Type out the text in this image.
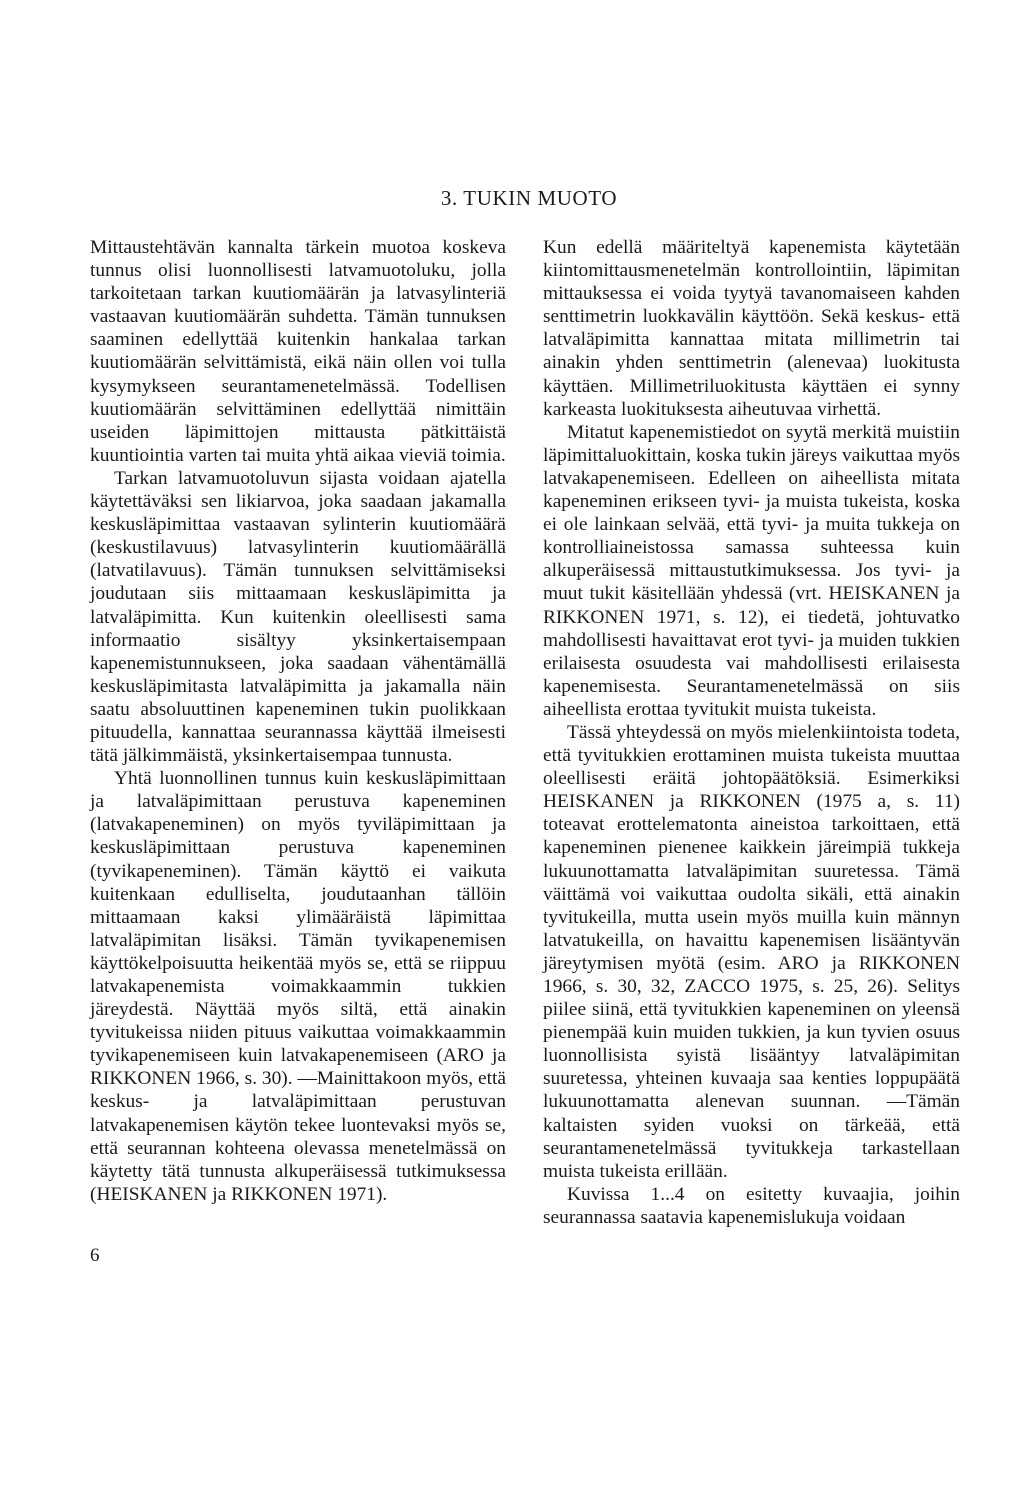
3. TUKIN MUOTO

Mittaustehtävän kannalta tärkein muotoa koskeva tunnus olisi luonnollisesti latvamuotoluku, jolla tarkoitetaan tarkan kuutiomäärän ja latvasylinteriä vastaavan kuutiomäärän suhdetta. Tämän tunnuksen saaminen edellyttää kuitenkin hankalaa tarkan kuutiomäärän selvittämistä, eikä näin ollen voi tulla kysymykseen seurantamenetelmässä. Todellisen kuutiomäärän selvittäminen edellyttää nimittäin useiden läpimittojen mittausta pätkittäistä kuuntiointia varten tai muita yhtä aikaa vieviä toimia.

Tarkan latvamuotoluvun sijasta voidaan ajatella käytettäväksi sen likiarvoa, joka saadaan jakamalla keskusläpimittaa vastaavan sylinterin kuutiomäärä (keskustilavuus) latvasylinterin kuutiomäärällä (latvatilavuus). Tämän tunnuksen selvittämiseksi joudutaan siis mittaamaan keskusläpimitta ja latvaläpimitta. Kun kuitenkin oleellisesti sama informaatio sisältyy yksinkertaisempaan kapenemistunnukseen, joka saadaan vähentämällä keskusläpimitasta latvaläpimitta ja jakamalla näin saatu absoluuttinen kapeneminen tukin puolikkaan pituudella, kannattaa seurannassa käyttää ilmeisesti tätä jälkimmäistä, yksinkertaisempaa tunnusta.

Yhtä luonnollinen tunnus kuin keskusläpimittaan ja latvaläpimittaan perustuva kapeneminen (latvakapeneminen) on myös tyviläpimittaan ja keskusläpimittaan perustuva kapeneminen (tyvikapeneminen). Tämän käyttö ei vaikuta kuitenkaan edulliselta, joudutaanhan tällöin mittaamaan kaksi ylimääräistä läpimittaa latvaläpimitan lisäksi. Tämän tyvikapenemisen käyttökelpoisuutta heikentää myös se, että se riippuu latvakapenemista voimakkaammin tukkien järeydestä. Näyttää myös siltä, että ainakin tyvitukeissa niiden pituus vaikuttaa voimakkaammin tyvikapenemiseen kuin latvakapenemiseen (ARO ja RIKKONEN 1966, s. 30). —Mainittakoon myös, että keskus- ja latvaläpimittaan perustuvan latvakapenemisen käytön tekee luontevaksi myös se, että seurannan kohteena olevassa menetelmässä on käytetty tätä tunnusta alkuperäisessä tutkimuksessa (HEISKANEN ja RIKKONEN 1971).

Kun edellä määriteltyä kapenemista käytetään kiintomittausmenetelmän kontrollointiin, läpimitan mittauksessa ei voida tyytyä tavanomaiseen kahden senttimetrin luokkavälin käyttöön. Sekä keskus- että latvaläpimitta kannattaa mitata millimetrin tai ainakin yhden senttimetrin (alenevaa) luokitusta käyttäen. Millimetriluokitusta käyttäen ei synny karkeasta luokituksesta aiheutuvaa virhettä.

Mitatut kapenemistiedot on syytä merkitä muistiin läpimittaluokittain, koska tukin järeys vaikuttaa myös latvakapenemiseen. Edelleen on aiheellista mitata kapeneminen erikseen tyvi- ja muista tukeista, koska ei ole lainkaan selvää, että tyvi- ja muita tukkeja on kontrolliaineistossa samassa suhteessa kuin alkuperäisessä mittaustutkimuksessa. Jos tyvi- ja muut tukit käsitellään yhdessä (vrt. HEISKANEN ja RIKKONEN 1971, s. 12), ei tiedetä, johtuvatko mahdollisesti havaittavat erot tyvi- ja muiden tukkien erilaisesta osuudesta vai mahdollisesti erilaisesta kapenemisesta. Seurantamenetelmässä on siis aiheellista erottaa tyvitukit muista tukeista.

Tässä yhteydessä on myös mielenkiintoista todeta, että tyvitukkien erottaminen muista tukeista muuttaa oleellisesti eräitä johtopäätöksiä. Esimerkiksi HEISKANEN ja RIKKONEN (1975 a, s. 11) toteavat erottelematonta aineistoa tarkoittaen, että kapeneminen pienenee kaikkein järeimpiä tukkeja lukuunottamatta latvaläpimitan suuretessa. Tämä väittämä voi vaikuttaa oudolta sikäli, että ainakin tyvitukeilla, mutta usein myös muilla kuin männyn latvatukeilla, on havaittu kapenemisen lisääntyvän järeytymisen myötä (esim. ARO ja RIKKONEN 1966, s. 30, 32, ZACCO 1975, s. 25, 26). Selitys piilee siinä, että tyvitukkien kapeneminen on yleensä pienempää kuin muiden tukkien, ja kun tyvien osuus luonnollisista syistä lisääntyy latvaläpimitan suuretessa, yhteinen kuvaaja saa kenties loppupäätä lukuunottamatta alenevan suunnan. —Tämän kaltaisten syiden vuoksi on tärkeää, että seurantamenetelmässä tyvitukkeja tarkastellaan muista tukeista erillään.

Kuvissa 1...4 on esitetty kuvaajia, joihin seurannassa saatavia kapenemislukuja voidaan

6
